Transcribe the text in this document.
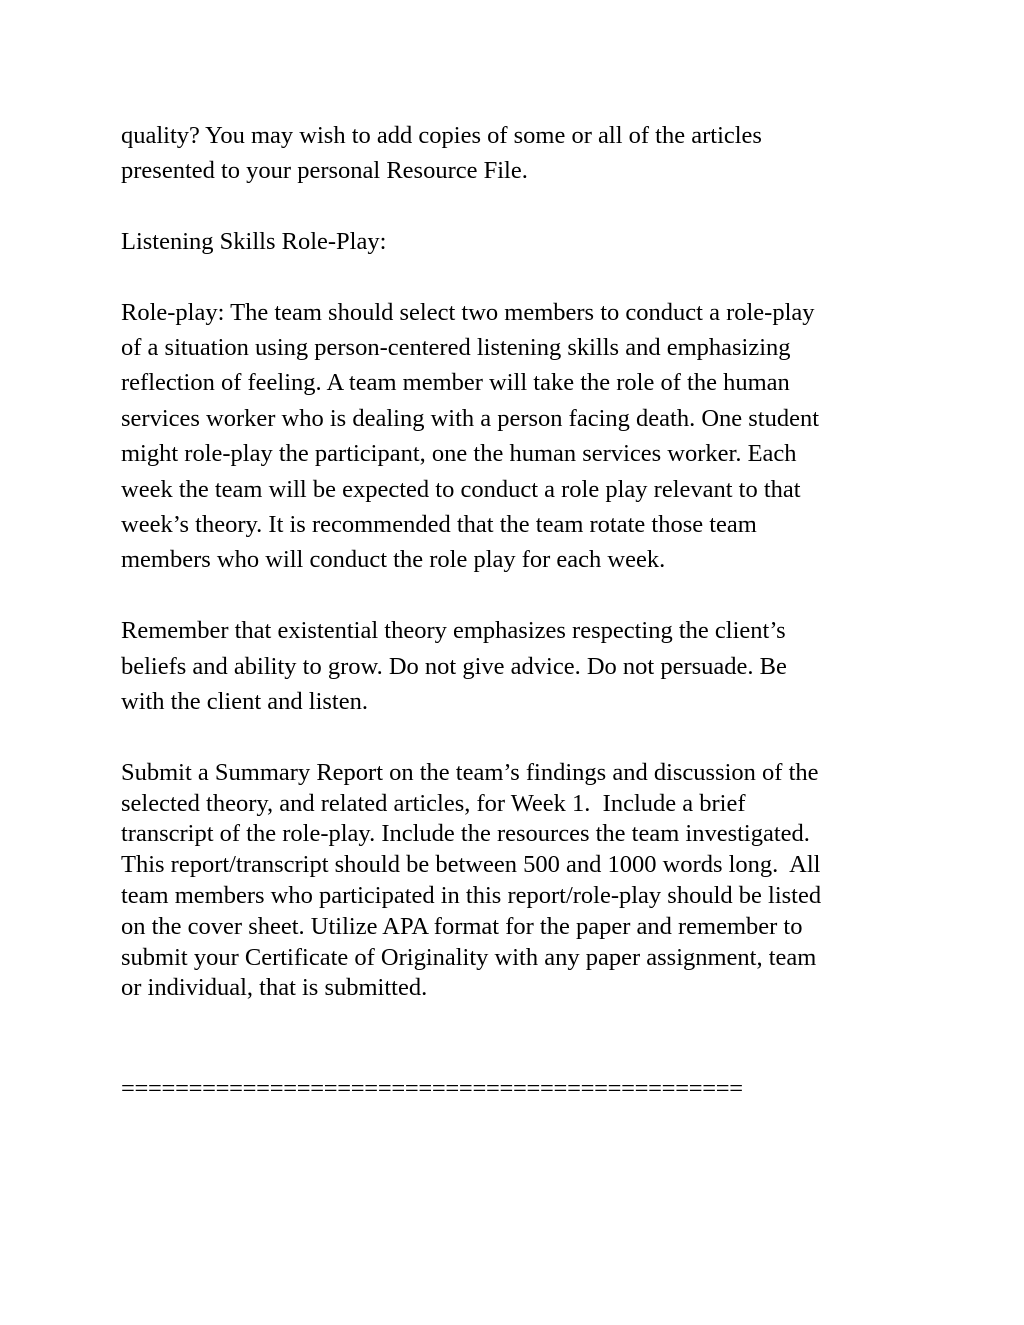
quality? You may wish to add copies of some or all of the articles

presented to your personal Resource File.

Listening Skills Role-Play:

Role-play: The team should select two members to conduct a role-play

of a situation using person-centered listening skills and emphasizing

reflection of feeling. A team member will take the role of the human

services worker who is dealing with a person facing death. One student

might role-play the participant, one the human services worker. Each

week the team will be expected to conduct a role play relevant to that

week’s theory. It is recommended that the team rotate those team

members who will conduct the role play for each week.

Remember that existential theory emphasizes respecting the client’s

beliefs and ability to grow. Do not give advice. Do not persuade. Be

with the client and listen.

Submit a Summary Report on the team’s findings and discussion of the

selected theory, and related articles, for Week 1.  Include a brief

transcript of the role-play. Include the resources the team investigated.

This report/transcript should be between 500 and 1000 words long.  All

team members who participated in this report/role-play should be listed

on the cover sheet. Utilize APA format for the paper and remember to

submit your Certificate of Originality with any paper assignment, team

or individual, that is submitted.

==============================================
